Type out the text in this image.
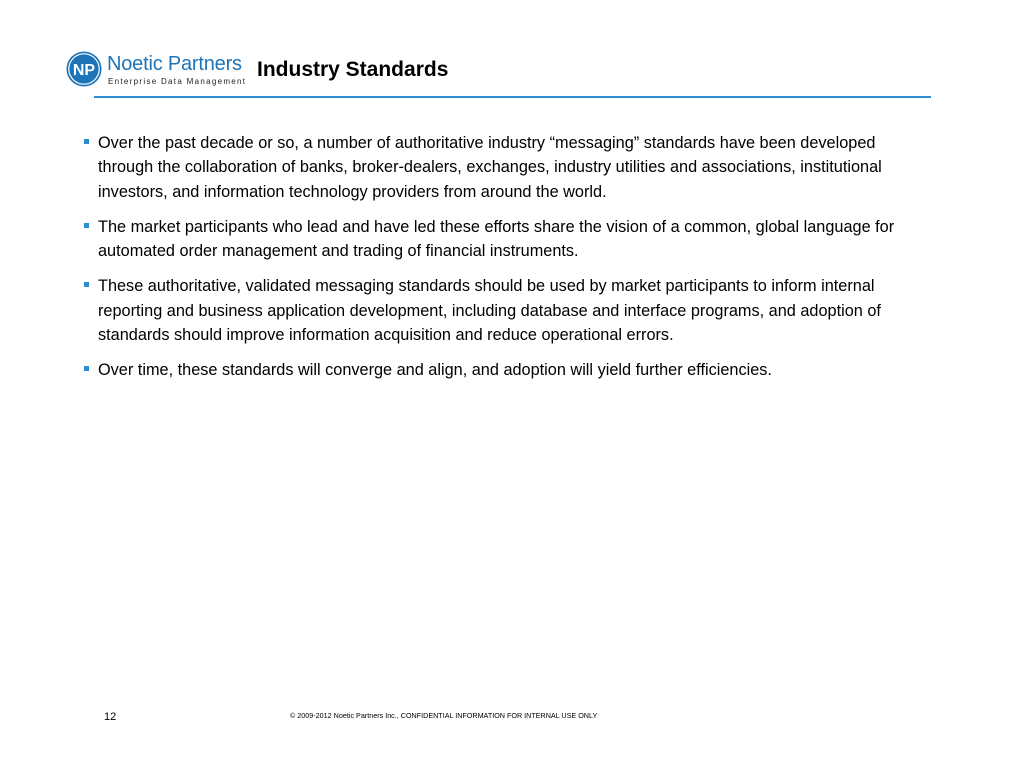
NP Noetic Partners
Enterprise Data Management
Industry Standards
Over the past decade or so, a number of authoritative industry “messaging” standards have been developed through the collaboration of banks, broker-dealers, exchanges, industry utilities and associations, institutional investors, and information technology providers from around the world.
The market participants who lead and have led these efforts share the vision of a common, global language for automated order management and trading of financial instruments.
These authoritative, validated messaging standards should be used by market participants to inform internal reporting and business application development, including database and interface programs, and adoption of standards should improve information acquisition and reduce operational errors.
Over time, these standards will converge and align, and adoption will yield further efficiencies.
12	© 2009-2012 Noetic Partners Inc., CONFIDENTIAL INFORMATION FOR INTERNAL USE ONLY
